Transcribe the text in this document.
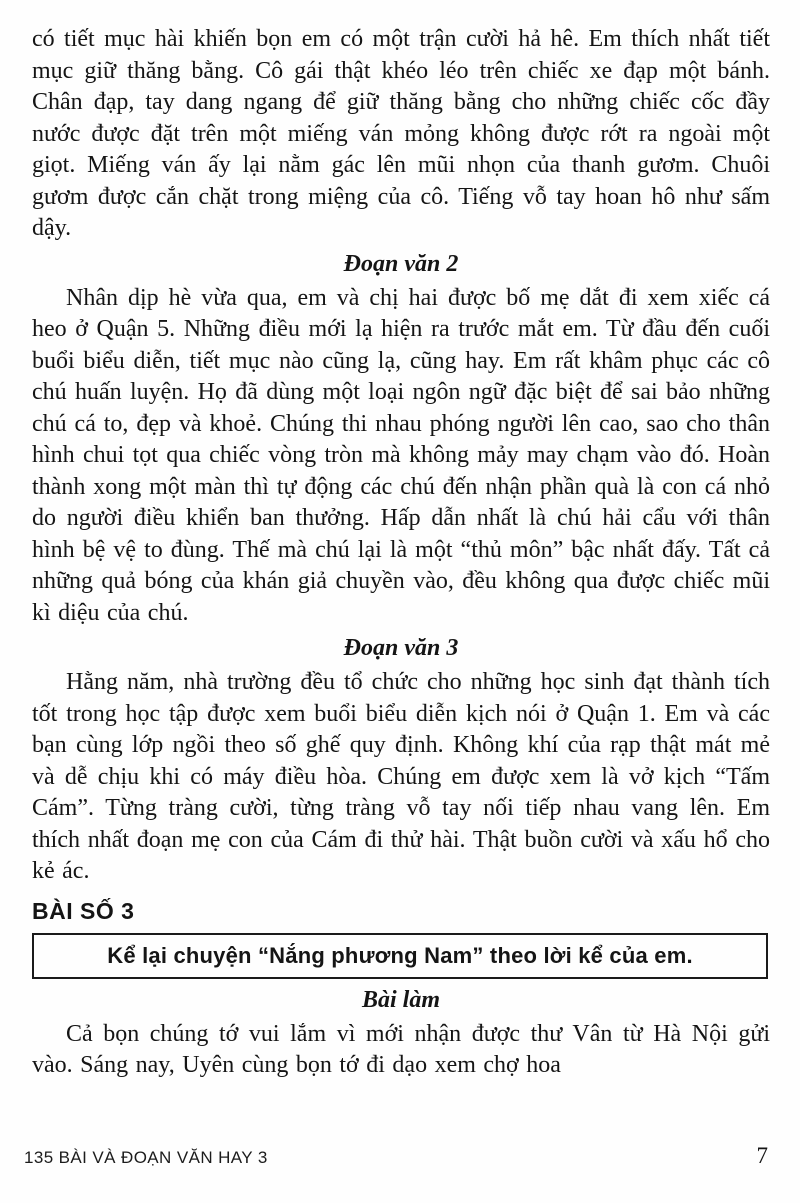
có tiết mục hài khiến bọn em có một trận cười hả hê. Em thích nhất tiết mục giữ thăng bằng. Cô gái thật khéo léo trên chiếc xe đạp một bánh. Chân đạp, tay dang ngang để giữ thăng bằng cho những chiếc cốc đầy nước được đặt trên một miếng ván mỏng không được rớt ra ngoài một giọt. Miếng ván ấy lại nằm gác lên mũi nhọn của thanh gươm. Chuôi gươm được cắn chặt trong miệng của cô. Tiếng vỗ tay hoan hô như sấm dậy.

Đoạn văn 2

Nhân dịp hè vừa qua, em và chị hai được bố mẹ dắt đi xem xiếc cá heo ở Quận 5. Những điều mới lạ hiện ra trước mắt em. Từ đầu đến cuối buổi biểu diễn, tiết mục nào cũng lạ, cũng hay. Em rất khâm phục các cô chú huấn luyện. Họ đã dùng một loại ngôn ngữ đặc biệt để sai bảo những chú cá to, đẹp và khoẻ. Chúng thi nhau phóng người lên cao, sao cho thân hình chui tọt qua chiếc vòng tròn mà không mảy may chạm vào đó. Hoàn thành xong một màn thì tự động các chú đến nhận phần quà là con cá nhỏ do người điều khiển ban thưởng. Hấp dẫn nhất là chú hải cẩu với thân hình bệ vệ to đùng. Thế mà chú lại là một “thủ môn” bậc nhất đấy. Tất cả những quả bóng của khán giả chuyền vào, đều không qua được chiếc mũi kì diệu của chú.

Đoạn văn 3

Hằng năm, nhà trường đều tổ chức cho những học sinh đạt thành tích tốt trong học tập được xem buổi biểu diễn kịch nói ở Quận 1. Em và các bạn cùng lớp ngồi theo số ghế quy định. Không khí của rạp thật mát mẻ và dễ chịu khi có máy điều hòa. Chúng em được xem là vở kịch “Tấm Cám”. Từng tràng cười, từng tràng vỗ tay nối tiếp nhau vang lên. Em thích nhất đoạn mẹ con của Cám đi thử hài. Thật buồn cười và xấu hổ cho kẻ ác.

BÀI SỐ 3
Kể lại chuyện “Nắng phương Nam” theo lời kể của em.
Bài làm

Cả bọn chúng tớ vui lắm vì mới nhận được thư Vân từ Hà Nội gửi vào. Sáng nay, Uyên cùng bọn tớ đi dạo xem chợ hoa

135 BÀI VÀ ĐOẠN VĂN HAY 3	7
